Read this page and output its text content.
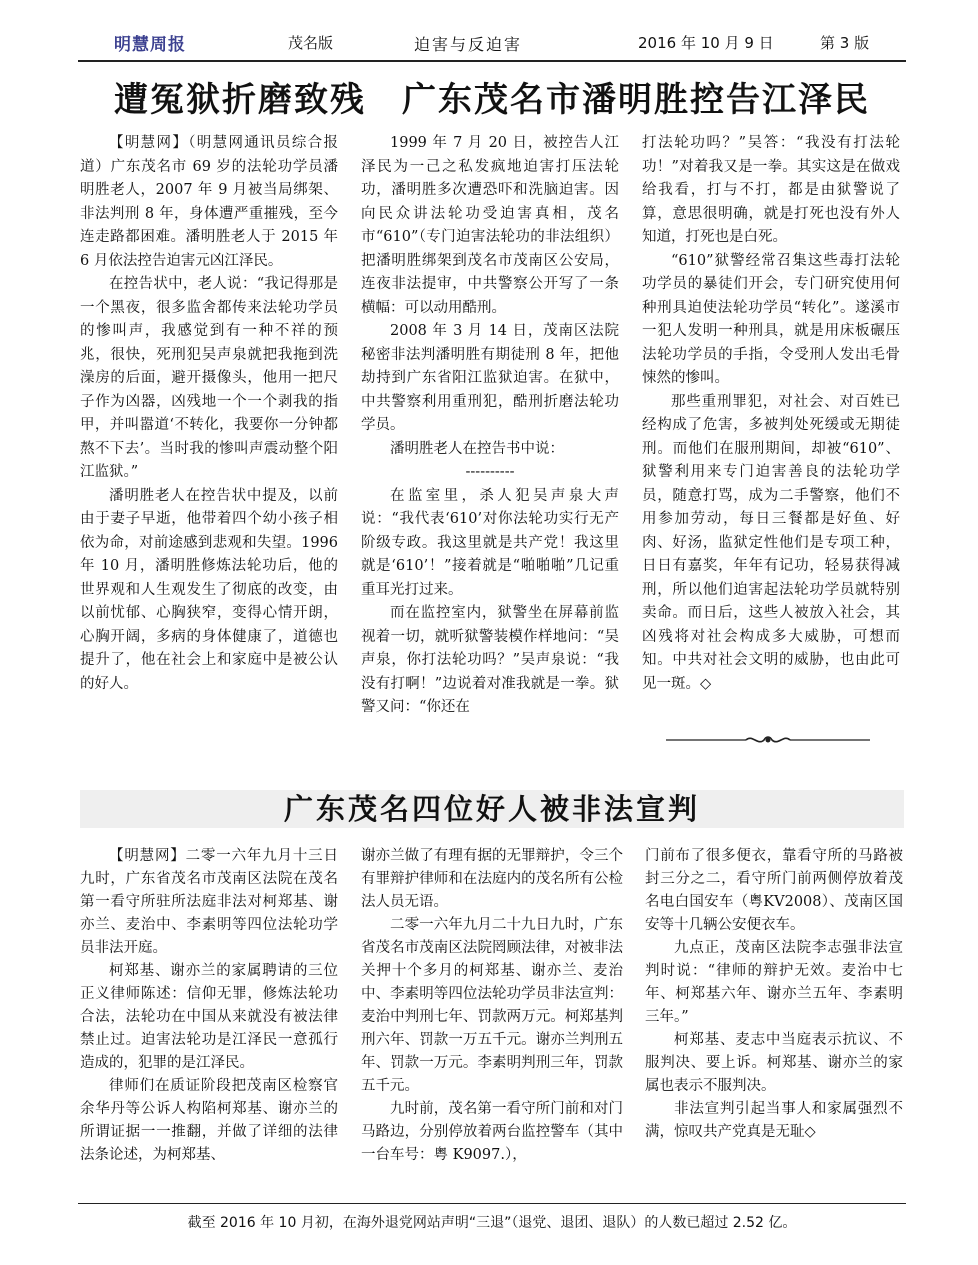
明慧周报	茂名版	迫害与反迫害	2016 年 10 月 9 日	第 3 版
遭冤狱折磨致残　广东茂名市潘明胜控告江泽民

【明慧网】（明慧网通讯员综合报道）广东茂名市 69 岁的法轮功学员潘明胜老人，2007 年 9 月被当局绑架、非法判刑 8 年，身体遭严重摧残，至今连走路都困难。潘明胜老人于 2015 年 6 月依法控告迫害元凶江泽民。

在控告状中，老人说：“我记得那是一个黑夜，很多监舍都传来法轮功学员的惨叫声，我感觉到有一种不祥的预兆，很快，死刑犯吴声泉就把我拖到洗澡房的后面，避开摄像头，他用一把尺子作为凶器，凶残地一个一个剥我的指甲，并叫嚣道‘不转化，我要你一分钟都熬不下去’。当时我的惨叫声震动整个阳江监狱。”

潘明胜老人在控告状中提及，以前由于妻子早逝，他带着四个幼小孩子相依为命，对前途感到悲观和失望。1996 年 10 月，潘明胜修炼法轮功后，他的世界观和人生观发生了彻底的改变，由以前忧郁、心胸狭窄，变得心情开朗，心胸开阔，多病的身体健康了，道德也提升了，他在社会上和家庭中是被公认的好人。

1999 年 7 月 20 日，被控告人江泽民为一己之私发疯地迫害打压法轮功，潘明胜多次遭恐吓和洗脑迫害。因向民众讲法轮功受迫害真相，茂名市“610”（专门迫害法轮功的非法组织）把潘明胜绑架到茂名市茂南区公安局，连夜非法提审，中共警察公开写了一条横幅：可以动用酷刑。

2008 年 3 月 14 日，茂南区法院秘密非法判潘明胜有期徒刑 8 年，把他劫持到广东省阳江监狱迫害。在狱中，中共警察利用重刑犯，酷刑折磨法轮功学员。

潘明胜老人在控告书中说：

----------

在监室里，杀人犯吴声泉大声说：“我代表‘610’对你法轮功实行无产阶级专政。我这里就是共产党！我这里就是‘610’！”接着就是“啪啪啪”几记重重耳光打过来。

而在监控室内，狱警坐在屏幕前监视着一切，就听狱警装模作样地问：“吴声泉，你打法轮功吗？”吴声泉说：“我没有打啊！”边说着对准我就是一拳。狱警又问：“你还在

打法轮功吗？”吴答：“我没有打法轮功！”对着我又是一拳。其实这是在做戏给我看，打与不打，都是由狱警说了算，意思很明确，就是打死也没有外人知道，打死也是白死。

“610”狱警经常召集这些毒打法轮功学员的暴徒们开会，专门研究使用何种刑具迫使法轮功学员“转化”。遂溪市一犯人发明一种刑具，就是用床板碾压法轮功学员的手指，令受刑人发出毛骨悚然的惨叫。

那些重刑罪犯，对社会、对百姓已经构成了危害，多被判处死缓或无期徒刑。而他们在服刑期间，却被“610”、狱警利用来专门迫害善良的法轮功学员，随意打骂，成为二手警察，他们不用参加劳动，每日三餐都是好鱼、好肉、好汤，监狱定性他们是专项工种，日日有嘉奖，年年有记功，轻易获得减刑，所以他们迫害起法轮功学员就特别卖命。而日后，这些人被放入社会，其凶残将对社会构成多大威胁，可想而知。中共对社会文明的威胁，也由此可见一斑。◇

广东茂名四位好人被非法宣判

【明慧网】二零一六年九月十三日九时，广东省茂名市茂南区法院在茂名第一看守所驻所法庭非法对柯郑基、谢亦兰、麦治中、李素明等四位法轮功学员非法开庭。

柯郑基、谢亦兰的家属聘请的三位正义律师陈述：信仰无罪，修炼法轮功合法，法轮功在中国从来就没有被法律禁止过。迫害法轮功是江泽民一意孤行造成的，犯罪的是江泽民。

律师们在质证阶段把茂南区检察官余华丹等公诉人构陷柯郑基、谢亦兰的所谓证据一一推翻，并做了详细的法律法条论述，为柯郑基、

谢亦兰做了有理有据的无罪辩护，令三个有罪辩护律师和在法庭内的茂名所有公检法人员无语。

二零一六年九月二十九日九时，广东省茂名市茂南区法院罔顾法律，对被非法关押十个多月的柯郑基、谢亦兰、麦治中、李素明等四位法轮功学员非法宣判：麦治中判刑七年、罚款两万元。柯郑基判刑六年、罚款一万五千元。谢亦兰判刑五年、罚款一万元。李素明判刑三年，罚款五千元。

九时前，茂名第一看守所门前和对门马路边，分别停放着两台监控警车（其中一台车号：粤 K9097.），

门前布了很多便衣，靠看守所的马路被封三分之二，看守所门前两侧停放着茂名电白国安车（粤KV2008）、茂南区国安等十几辆公安便衣车。

九点正，茂南区法院李志强非法宣判时说：“律师的辩护无效。麦治中七年、柯郑基六年、谢亦兰五年、李素明三年。”

柯郑基、麦志中当庭表示抗议、不服判决、要上诉。柯郑基、谢亦兰的家属也表示不服判决。

非法宣判引起当事人和家属强烈不满，惊叹共产党真是无耻◇

截至 2016 年 10 月初，在海外退党网站声明“三退”（退党、退团、退队）的人数已超过 2.52 亿。
